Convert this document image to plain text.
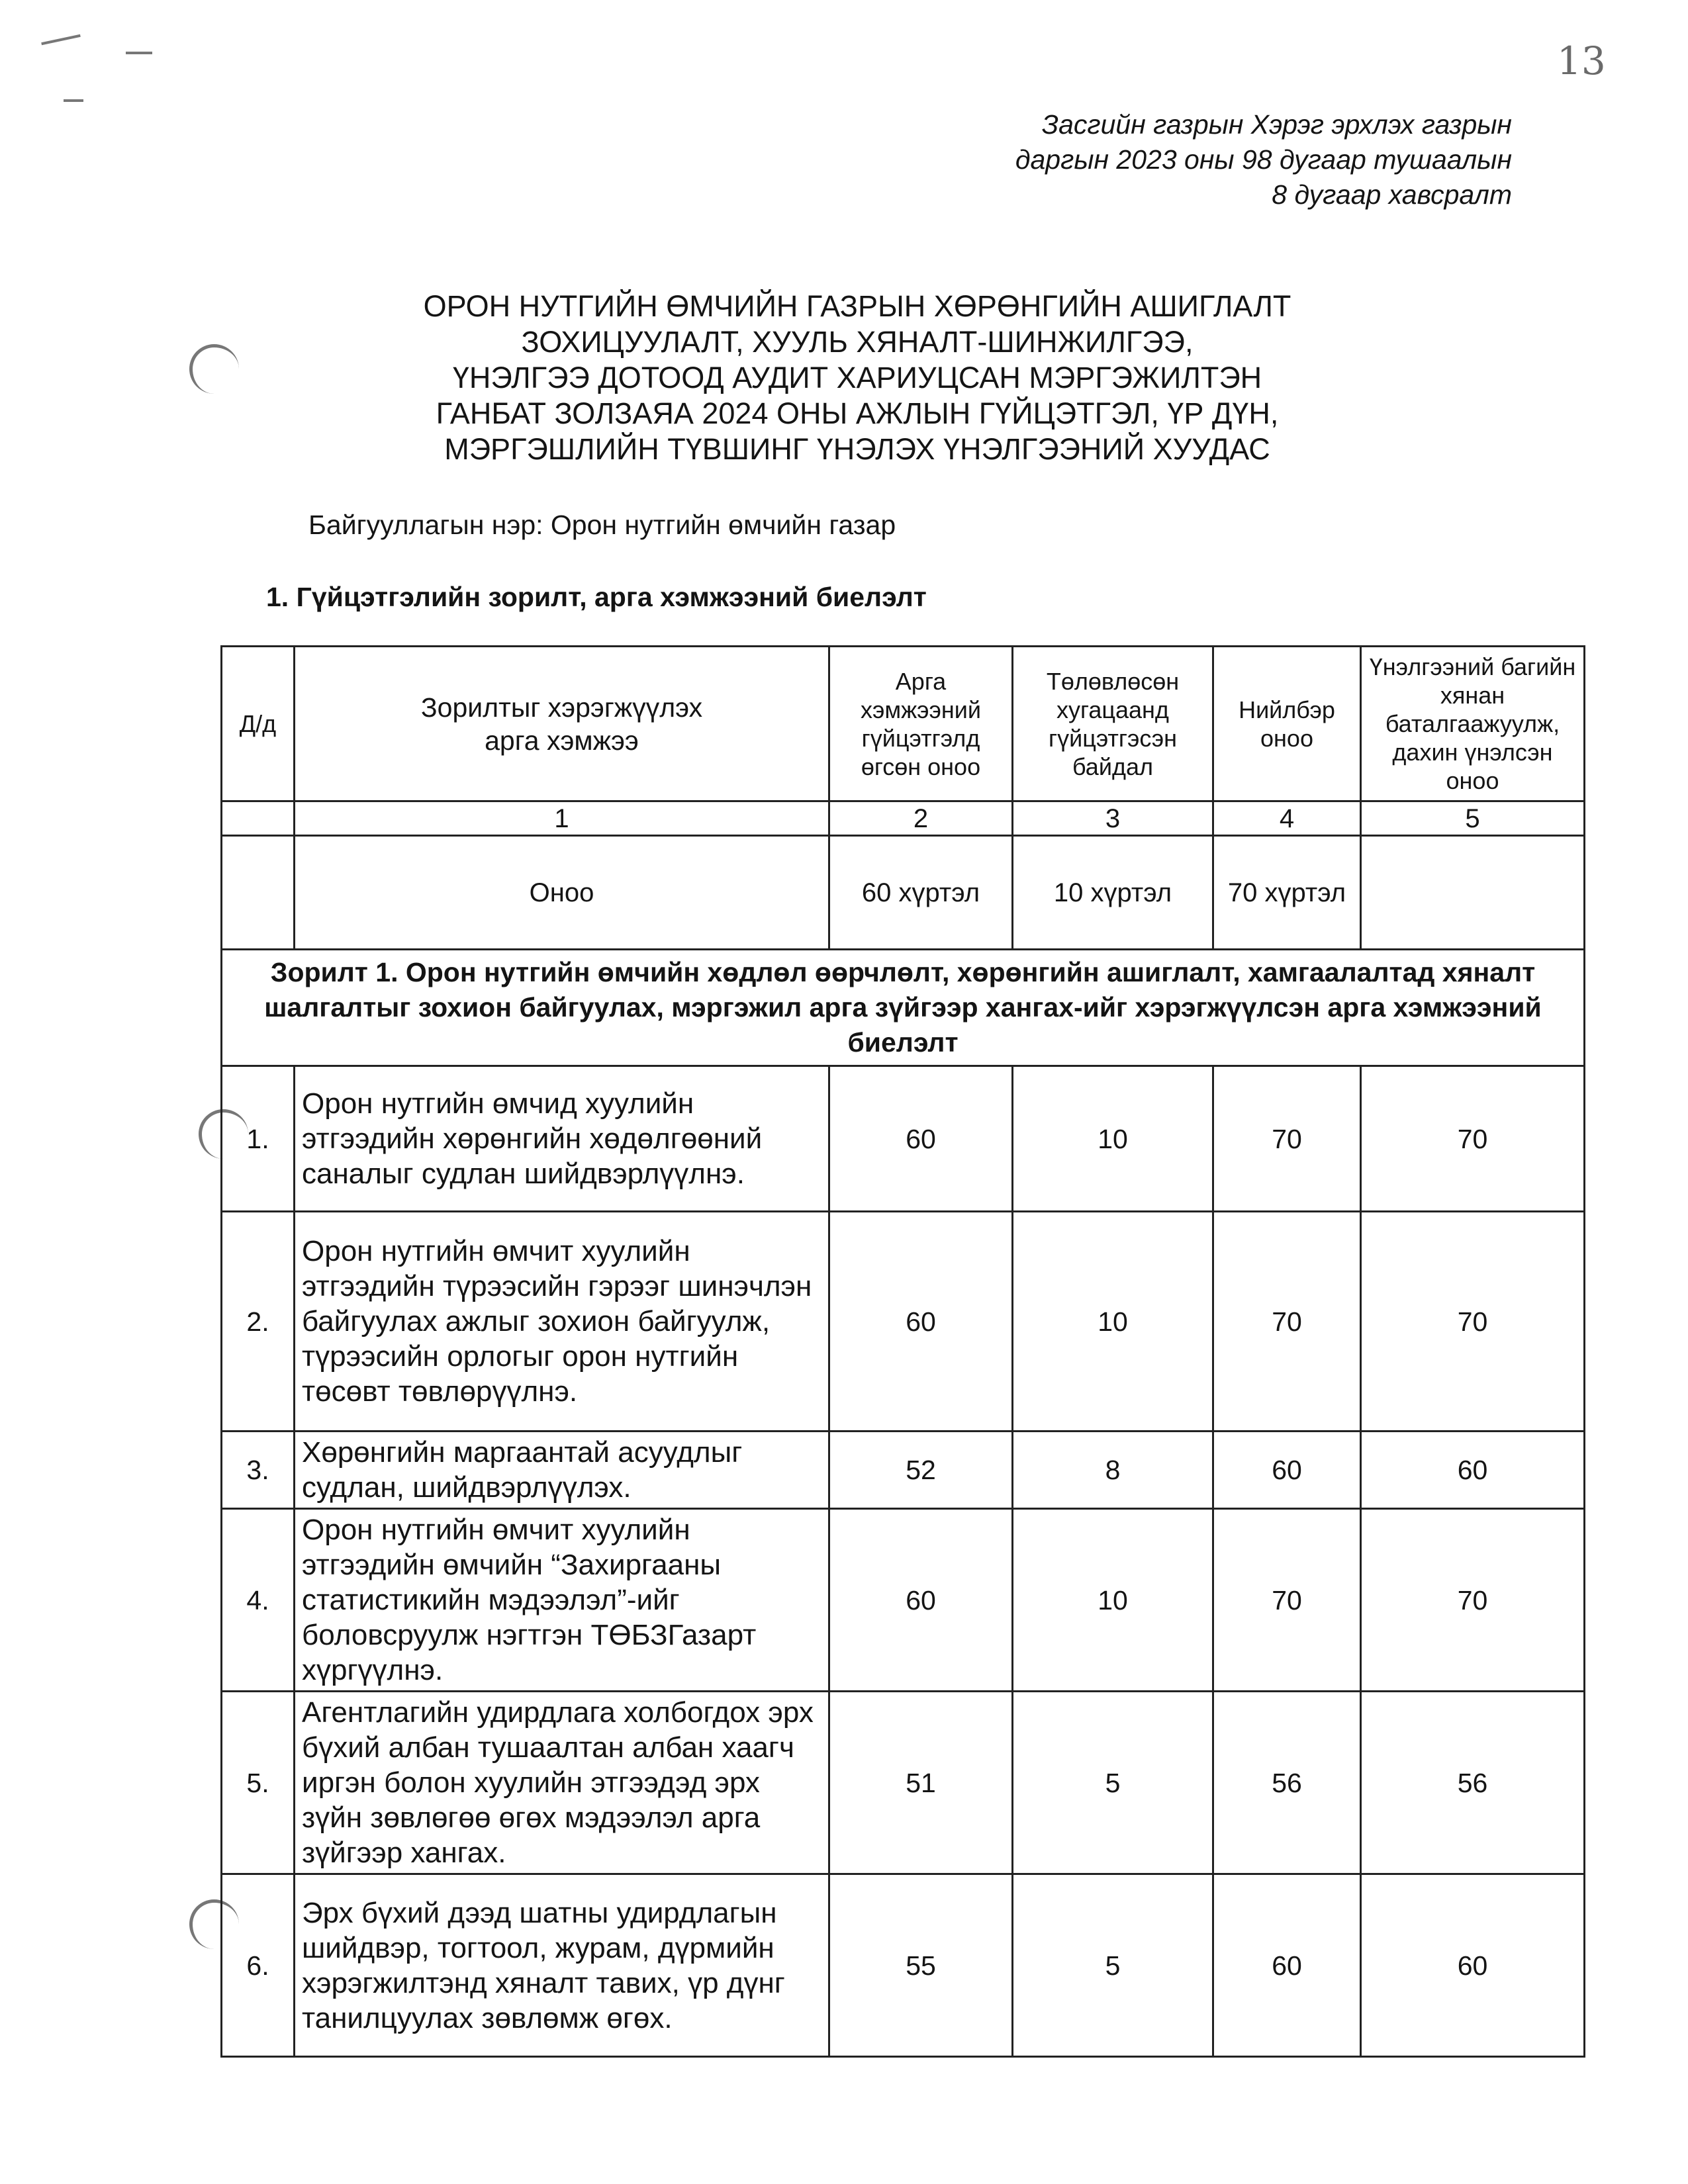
13
Засгийн газрын Хэрэг эрхлэх газрын
даргын 2023 оны 98 дугаар тушаалын
8 дугаар хавсралт
ОРОН НУТГИЙН ӨМЧИЙН ГАЗРЫН ХӨРӨНГИЙН АШИГЛАЛТ
ЗОХИЦУУЛАЛТ, ХУУЛЬ ХЯНАЛТ-ШИНЖИЛГЭЭ,
ҮНЭЛГЭЭ ДОТООД АУДИТ ХАРИУЦСАН МЭРГЭЖИЛТЭН
ГАНБАТ ЗОЛЗАЯА 2024 ОНЫ АЖЛЫН ГҮЙЦЭТГЭЛ, ҮР ДҮН,
МЭРГЭШЛИЙН ТҮВШИНГ ҮНЭЛЭХ ҮНЭЛГЭЭНИЙ ХУУДАС
Байгууллагын нэр: Орон нутгийн өмчийн газар
1. Гүйцэтгэлийн зорилт, арга хэмжээний биелэлт
Д/д	Зорилтыг хэрэгжүүлэх арга хэмжээ	Арга хэмжээний гүйцэтгэлд өгсөн оноо	Төлөвлөсөн хугацаанд гүйцэтгэсэн байдал	Нийлбэр оноо	Үнэлгээний багийн хянан баталгаажуулж, дахин үнэлсэн оноо
	1	2	3	4	5
	Оноо	60 хүртэл	10 хүртэл	70 хүртэл	
Зорилт 1. Орон нутгийн өмчийн хөдлөл өөрчлөлт, хөрөнгийн ашиглалт, хамгаалалтад хяналт шалгалтыг зохион байгуулах, мэргэжил арга зүйгээр хангах-ийг хэрэгжүүлсэн арга хэмжээний биелэлт					
1.	Орон нутгийн өмчид хуулийн этгээдийн хөрөнгийн хөдөлгөөний саналыг судлан шийдвэрлүүлнэ.	60	10	70	70
2.	Орон нутгийн өмчит хуулийн этгээдийн түрээсийн гэрээг шинэчлэн байгуулах ажлыг зохион байгуулж, түрээсийн орлогыг орон нутгийн төсөвт төвлөрүүлнэ.	60	10	70	70
3.	Хөрөнгийн маргаантай асуудлыг судлан, шийдвэрлүүлэх.	52	8	60	60
4.	Орон нутгийн өмчит хуулийн этгээдийн өмчийн “Захиргааны статистикийн мэдээлэл”-ийг боловсруулж нэгтгэн ТӨБЗГазарт хүргүүлнэ.	60	10	70	70
5.	Агентлагийн удирдлага холбогдох эрх бүхий албан тушаалтан албан хаагч иргэн болон хуулийн этгээдэд эрх зүйн зөвлөгөө өгөх мэдээлэл арга зүйгээр хангах.	51	5	56	56
6.	Эрх бүхий дээд шатны удирдлагын шийдвэр, тогтоол, журам, дүрмийн хэрэгжилтэнд хяналт тавих, үр дүнг танилцуулах зөвлөмж өгөх.	55	5	60	60
